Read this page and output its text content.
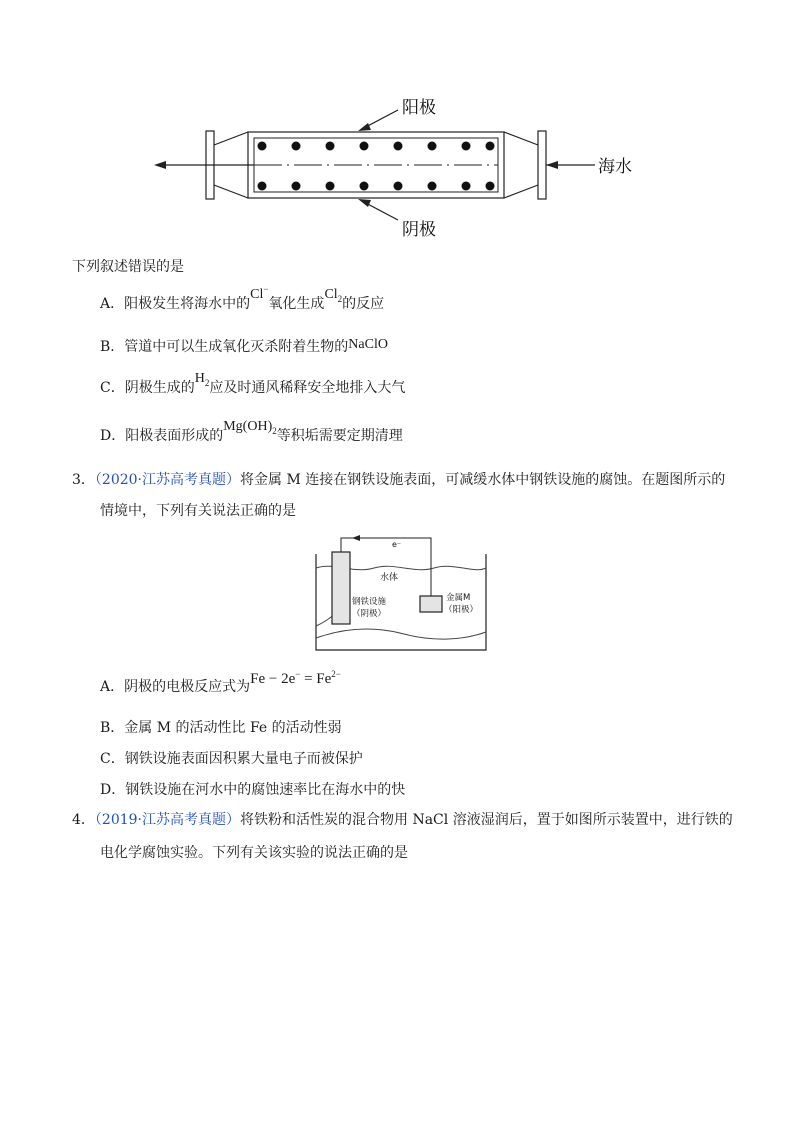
阳极
阴极
海水
下列叙述错误的是
A．阳极发生将海水中的Cl−氧化生成$Cl_2$的反应
B．管道中可以生成氧化灭杀附着生物的NaClO
C．阴极生成的$H_2$应及时通风稀释安全地排入大气
D．阳极表面形成的$Mg(OH)_2$等积垢需要定期清理
3．（2020·江苏高考真题）将金属 M 连接在钢铁设施表面，可减缓水体中钢铁设施的腐蚀。在题图所示的
情境中，下列有关说法正确的是
e⁻
水体
钢铁设施
（阴极）
金属M
（阳极）
A．阴极的电极反应式为$Fe - 2e^- = Fe^{2-}$
B．金属 M 的活动性比 Fe 的活动性弱
C．钢铁设施表面因积累大量电子而被保护
D．钢铁设施在河水中的腐蚀速率比在海水中的快
4．（2019·江苏高考真题）将铁粉和活性炭的混合物用 NaCl 溶液湿润后，置于如图所示装置中，进行铁的
电化学腐蚀实验。下列有关该实验的说法正确的是
